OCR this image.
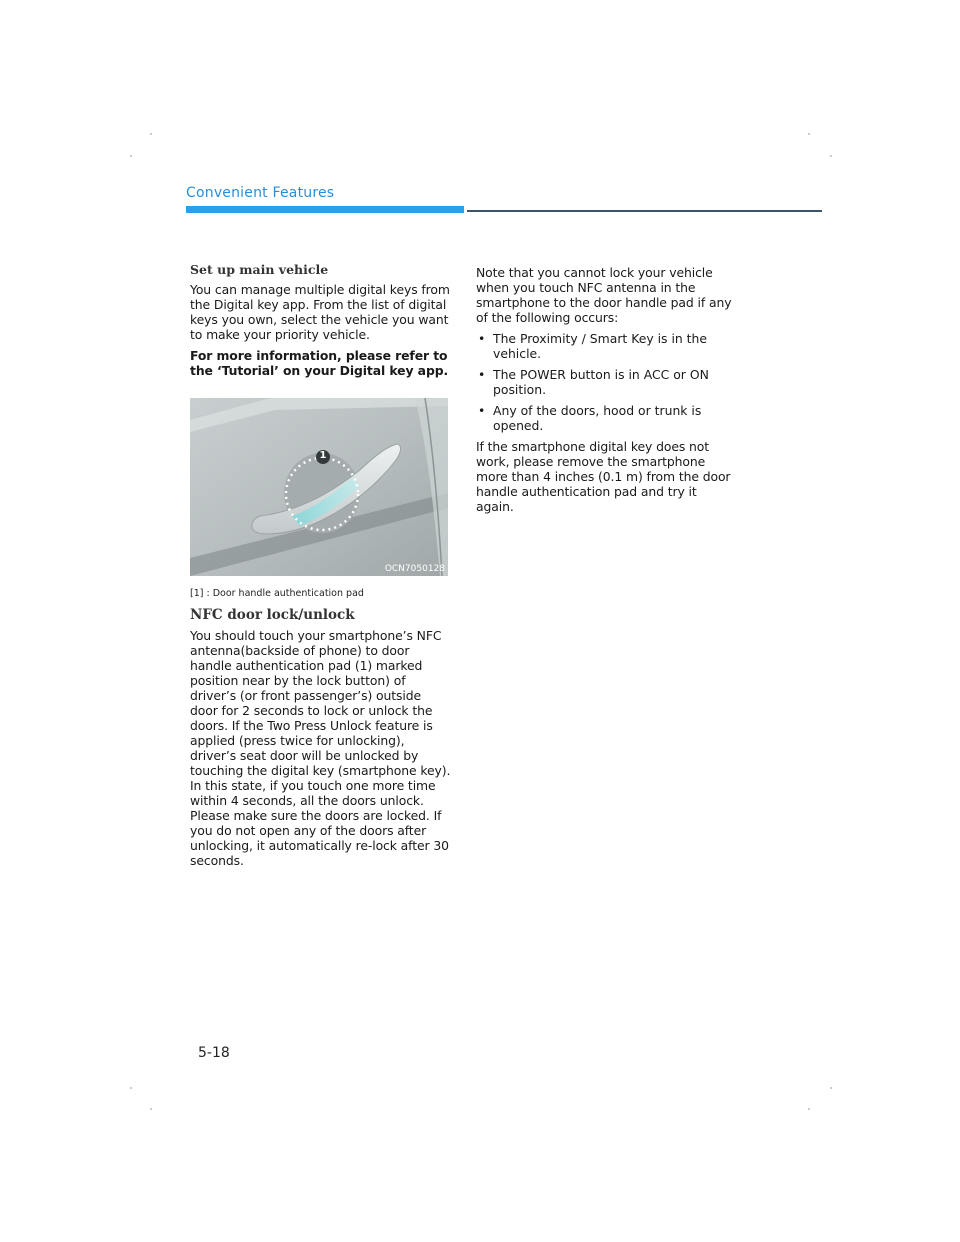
Convenient Features
Set up main vehicle

You can manage multiple digital keys from the Digital key app. From the list of digital keys you own, select the vehicle you want to make your priority vehicle.

For more information, please refer to the ‘Tutorial’ on your Digital key app.

1
OCN7050128
[1] : Door handle authentication pad
NFC door lock/unlock

You should touch your smartphone’s NFC antenna(backside of phone) to door handle authentication pad (1) marked position near by the lock button) of driver’s (or front passenger’s) outside door for 2 seconds to lock or unlock the doors. If the Two Press Unlock feature is applied (press twice for unlocking), driver’s seat door will be unlocked by touching the digital key (smartphone key). In this state, if you touch one more time within 4 seconds, all the doors unlock. Please make sure the doors are locked. If you do not open any of the doors after unlocking, it automatically re-lock after 30 seconds.

Note that you cannot lock your vehicle when you touch NFC antenna in the smartphone to the door handle pad if any of the following occurs:

• The Proximity / Smart Key is in the vehicle.
• The POWER button is in ACC or ON position.
• Any of the doors, hood or trunk is opened.

If the smartphone digital key does not work, please remove the smartphone more than 4 inches (0.1 m) from the door handle authentication pad and try it again.

5-18
